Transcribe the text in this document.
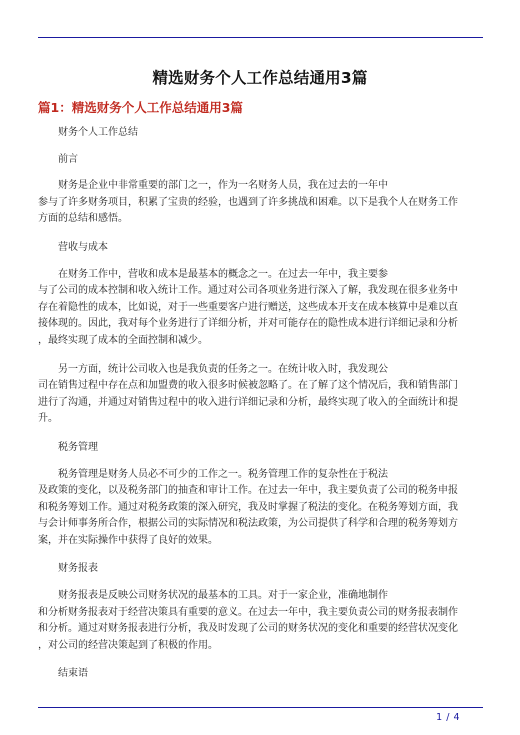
精选财务个人工作总结通用3篇
篇1：精选财务个人工作总结通用3篇

财务个人工作总结

前言

财务是企业中非常重要的部门之一，作为一名财务人员，我在过去的一年中
参与了许多财务项目，积累了宝贵的经验，也遇到了许多挑战和困难。以下是我个人在财务工作
方面的总结和感悟。

营收与成本

在财务工作中，营收和成本是最基本的概念之一。在过去一年中，我主要参
与了公司的成本控制和收入统计工作。通过对公司各项业务进行深入了解，我发现在很多业务中
存在着隐性的成本，比如说，对于一些重要客户进行赠送，这些成本开支在成本核算中是难以直
接体现的。因此，我对每个业务进行了详细分析，并对可能存在的隐性成本进行详细记录和分析
，最终实现了成本的全面控制和减少。

另一方面，统计公司收入也是我负责的任务之一。在统计收入时，我发现公
司在销售过程中存在点和加盟费的收入很多时候被忽略了。在了解了这个情况后，我和销售部门
进行了沟通，并通过对销售过程中的收入进行详细记录和分析，最终实现了收入的全面统计和提
升。

税务管理

税务管理是财务人员必不可少的工作之一。税务管理工作的复杂性在于税法
及政策的变化，以及税务部门的抽查和审计工作。在过去一年中，我主要负责了公司的税务申报
和税务筹划工作。通过对税务政策的深入研究，我及时掌握了税法的变化。在税务筹划方面，我
与会计师事务所合作，根据公司的实际情况和税法政策，为公司提供了科学和合理的税务筹划方
案，并在实际操作中获得了良好的效果。

财务报表

财务报表是反映公司财务状况的最基本的工具。对于一家企业，准确地制作
和分析财务报表对于经营决策具有重要的意义。在过去一年中，我主要负责公司的财务报表制作
和分析。通过对财务报表进行分析，我及时发现了公司的财务状况的变化和重要的经营状况变化
，对公司的经营决策起到了积极的作用。

结束语

1 / 4
